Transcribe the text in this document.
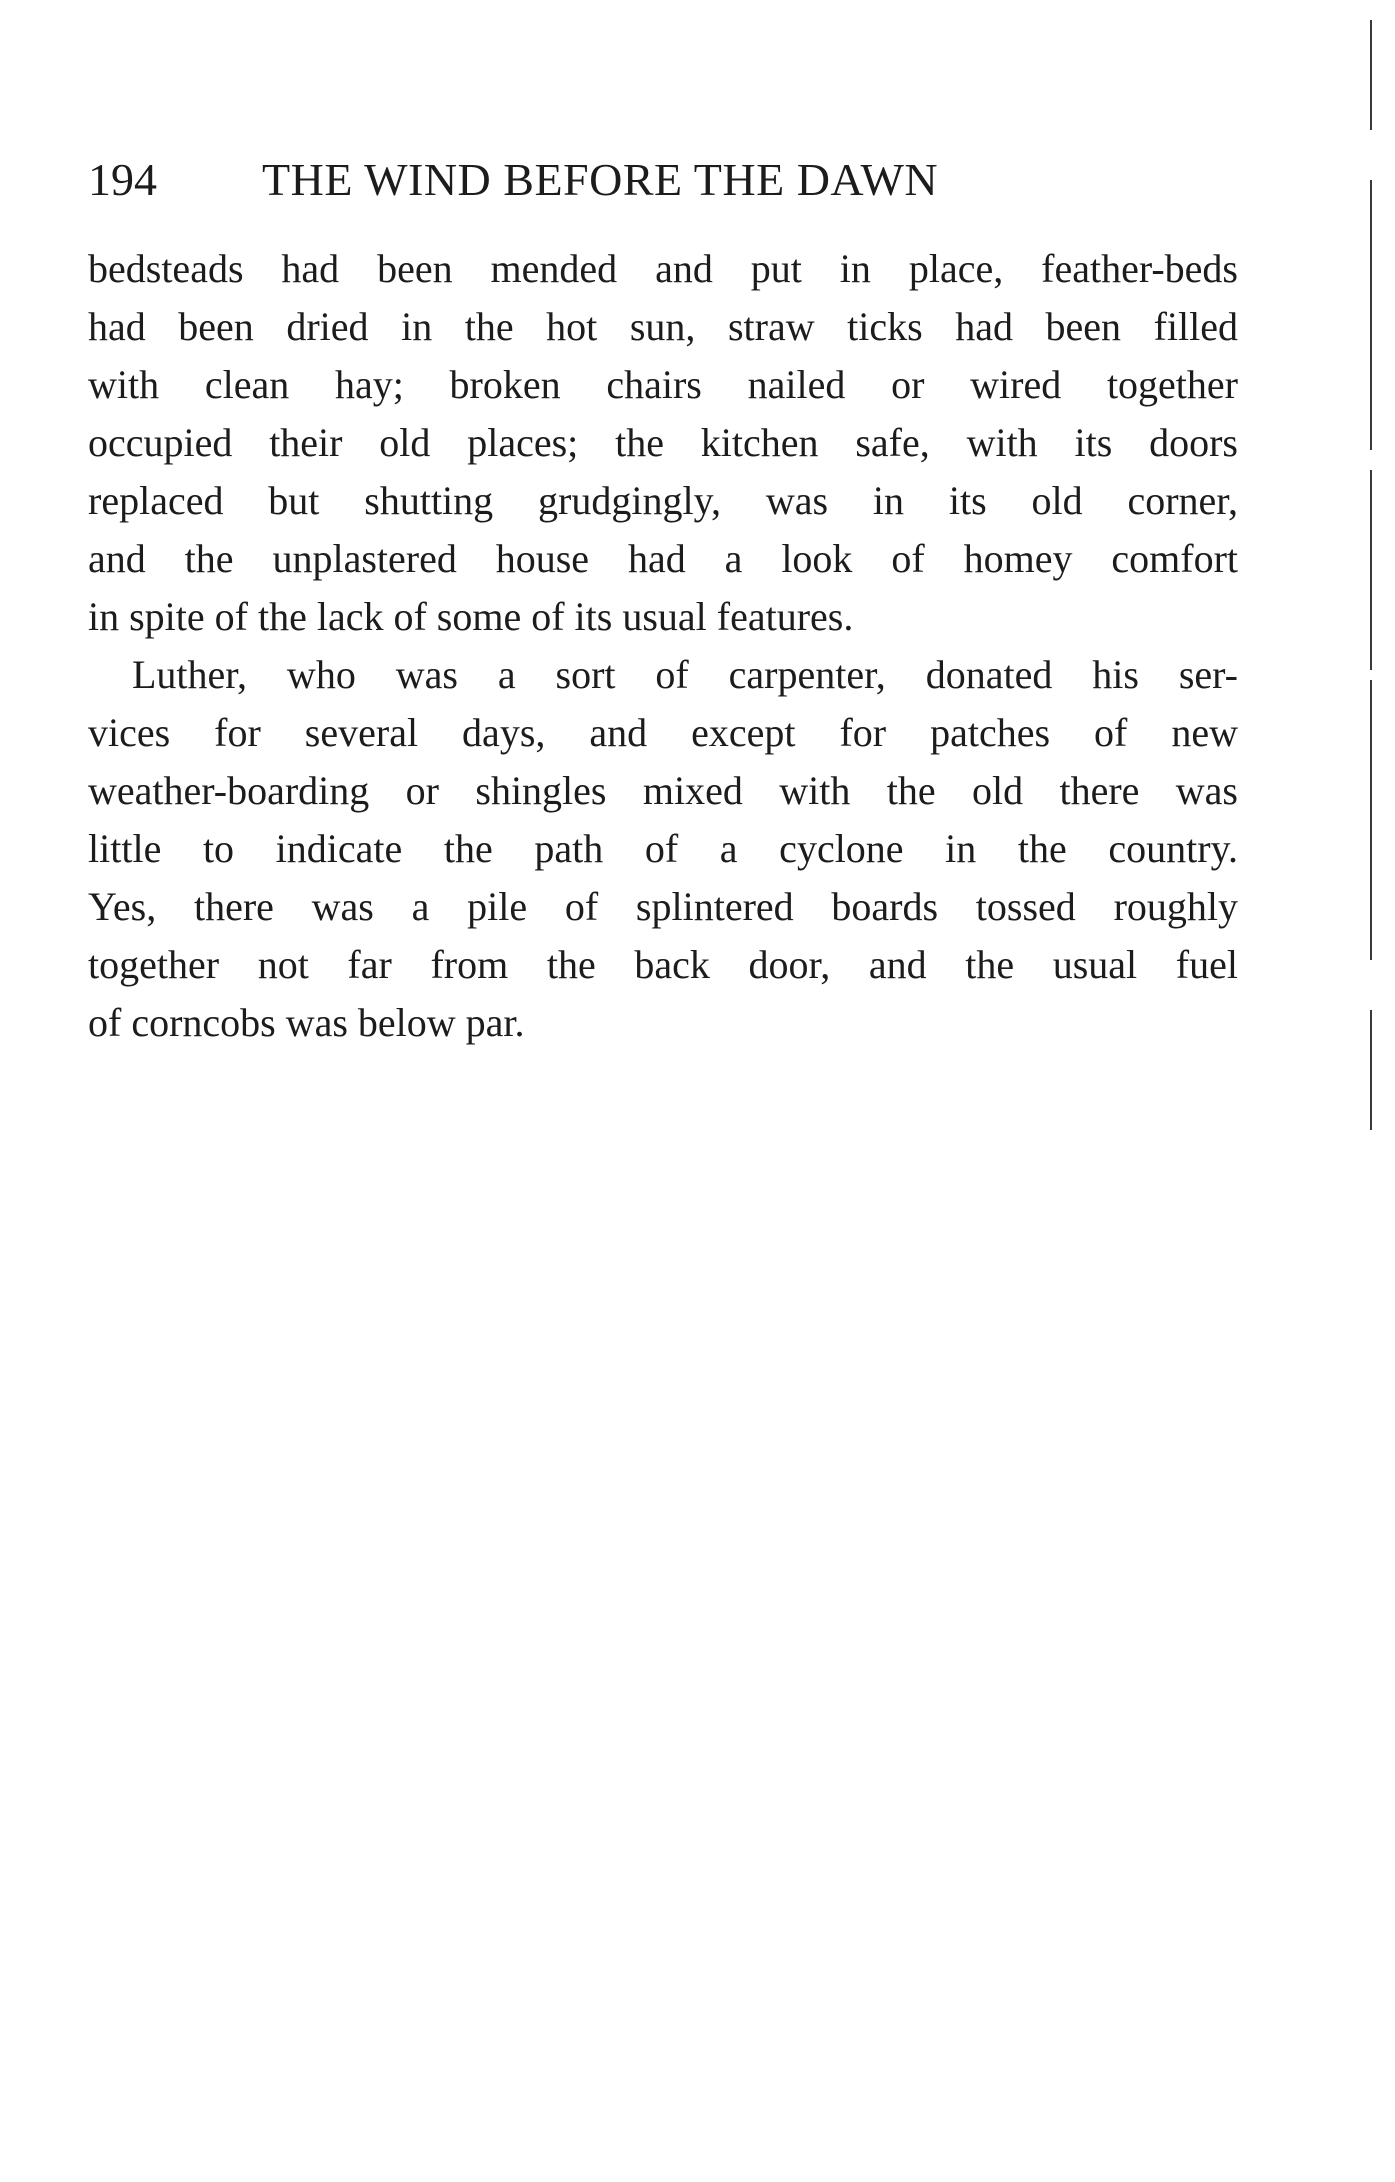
194 THE WIND BEFORE THE DAWN
bedsteads had been mended and put in place, feather-beds
had been dried in the hot sun, straw ticks had been filled
with clean hay; broken chairs nailed or wired together
occupied their old places; the kitchen safe, with its doors
replaced but shutting grudgingly, was in its old corner,
and the unplastered house had a look of homey comfort
in spite of the lack of some of its usual features.
Luther, who was a sort of carpenter, donated his ser-
vices for several days, and except for patches of new
weather-boarding or shingles mixed with the old there was
little to indicate the path of a cyclone in the country.
Yes, there was a pile of splintered boards tossed roughly
together not far from the back door, and the usual fuel
of corncobs was below par.
